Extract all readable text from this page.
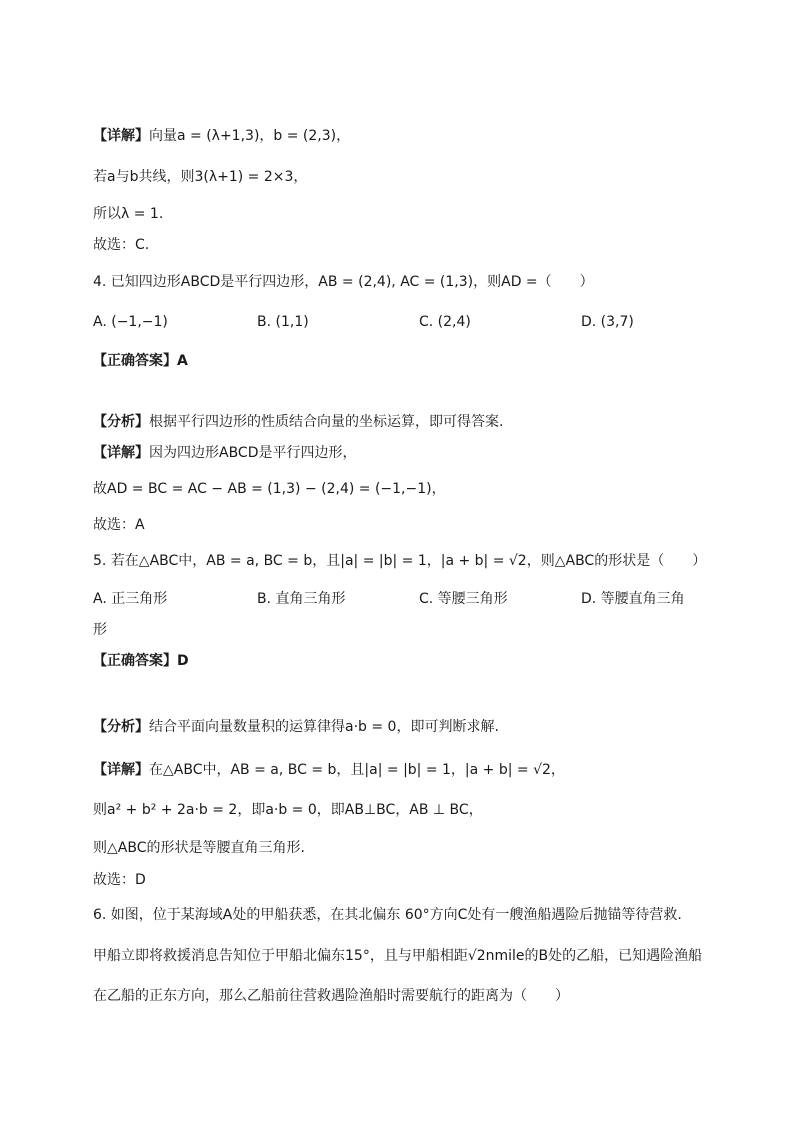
【详解】向量a = (λ+1,3)，b = (2,3)，
若a与b共线，则3(λ+1) = 2×3，
所以λ = 1.
故选：C.
4. 已知四边形ABCD是平行四边形，AB = (2,4), AC = (1,3)，则AD =（　　）
A. (−1,−1)	B. (1,1)	C. (2,4)	D. (3,7)
【正确答案】A
【分析】根据平行四边形的性质结合向量的坐标运算，即可得答案.
【详解】因为四边形ABCD是平行四边形，
故AD = BC = AC − AB = (1,3) − (2,4) = (−1,−1)，
故选：A
5. 若在△ABC中，AB = a, BC = b，且|a| = |b| = 1，|a + b| = √2，则△ABC的形状是（　　）
A. 正三角形	B. 直角三角形	C. 等腰三角形	D. 等腰直角三角
形
【正确答案】D
【分析】结合平面向量数量积的运算律得a·b = 0，即可判断求解.
【详解】在△ABC中，AB = a, BC = b，且|a| = |b| = 1，|a + b| = √2，
则a² + b² + 2a·b = 2，即a·b = 0，即AB⊥BC，AB ⊥ BC，
则△ABC的形状是等腰直角三角形.
故选：D
6. 如图，位于某海域A处的甲船获悉，在其北偏东 60°方向C处有一艘渔船遇险后抛锚等待营救.
甲船立即将救援消息告知位于甲船北偏东15°，且与甲船相距√2nmile的B处的乙船，已知遇险渔船
在乙船的正东方向，那么乙船前往营救遇险渔船时需要航行的距离为（　　）
